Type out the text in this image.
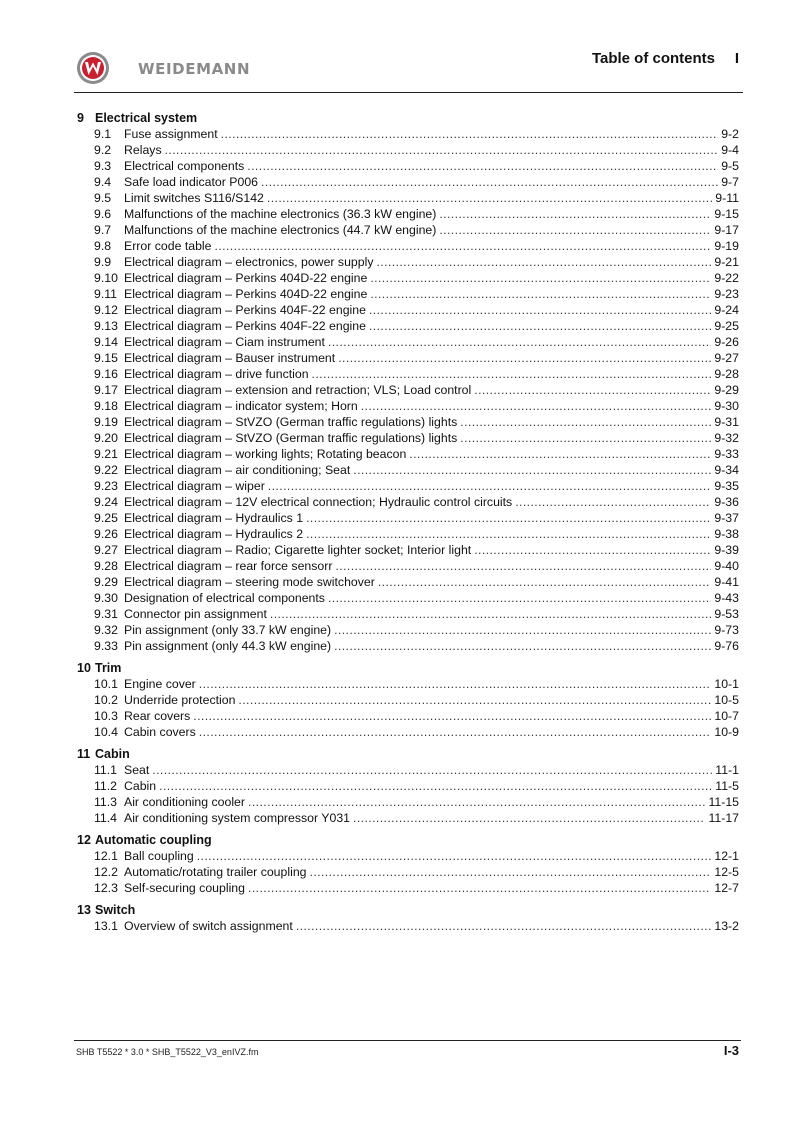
WEIDEMANN
Table of contents I
9 Electrical system
9.1	Fuse assignment .....	9-2
9.2	Relays .....	9-4
9.3	Electrical components .....	9-5
9.4	Safe load indicator P006 .....	9-7
9.5	Limit switches S116/S142 .....	9-11
9.6	Malfunctions of the machine electronics (36.3 kW engine) .....	9-15
9.7	Malfunctions of the machine electronics (44.7 kW engine) .....	9-17
9.8	Error code table .....	9-19
9.9	Electrical diagram – electronics, power supply .....	9-21
9.10 Electrical diagram – Perkins 404D-22 engine .....	9-22
9.11 Electrical diagram – Perkins 404D-22 engine .....	9-23
9.12 Electrical diagram – Perkins 404F-22 engine .....	9-24
9.13 Electrical diagram – Perkins 404F-22 engine .....	9-25
9.14 Electrical diagram – Ciam instrument .....	9-26
9.15 Electrical diagram – Bauser instrument .....	9-27
9.16 Electrical diagram – drive function .....	9-28
9.17 Electrical diagram – extension and retraction; VLS; Load control .....	9-29
9.18 Electrical diagram – indicator system; Horn .....	9-30
9.19 Electrical diagram – StVZO (German traffic regulations) lights .....	9-31
9.20 Electrical diagram – StVZO (German traffic regulations) lights .....	9-32
9.21 Electrical diagram – working lights; Rotating beacon .....	9-33
9.22 Electrical diagram – air conditioning; Seat .....	9-34
9.23 Electrical diagram – wiper .....	9-35
9.24 Electrical diagram – 12V electrical connection; Hydraulic control circuits .....	9-36
9.25 Electrical diagram – Hydraulics 1 .....	9-37
9.26 Electrical diagram – Hydraulics 2 .....	9-38
9.27 Electrical diagram – Radio; Cigarette lighter socket; Interior light .....	9-39
9.28 Electrical diagram – rear force sensorr .....	9-40
9.29 Electrical diagram – steering mode switchover .....	9-41
9.30 Designation of electrical components .....	9-43
9.31 Connector pin assignment .....	9-53
9.32 Pin assignment (only 33.7 kW engine) .....	9-73
9.33 Pin assignment (only 44.3 kW engine) .....	9-76
10 Trim
10.1 Engine cover .....	10-1
10.2 Underride protection .....	10-5
10.3 Rear covers .....	10-7
10.4 Cabin covers .....	10-9
11 Cabin
11.1 Seat .....	11-1
11.2 Cabin .....	11-5
11.3 Air conditioning cooler .....	11-15
11.4 Air conditioning system compressor Y031 .....	11-17
12 Automatic coupling
12.1 Ball coupling .....	12-1
12.2 Automatic/rotating trailer coupling .....	12-5
12.3 Self-securing coupling .....	12-7
13 Switch
13.1 Overview of switch assignment .....	13-2
SHB T5522 * 3.0 * SHB_T5522_V3_enIVZ.fm	I-3
